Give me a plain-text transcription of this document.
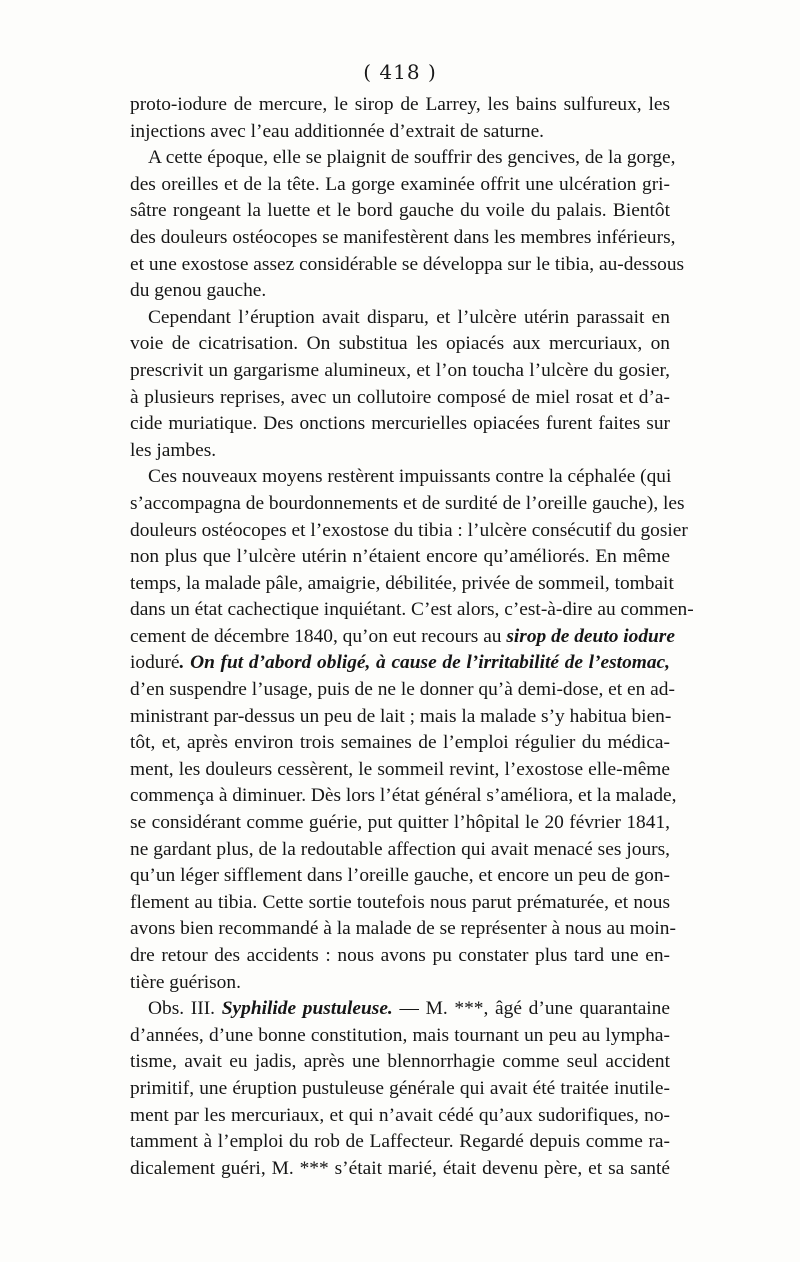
( 418 )
proto-iodure de mercure, le sirop de Larrey, les bains sulfureux, les
injections avec l’eau additionnée d’extrait de saturne.
A cette époque, elle se plaignit de souffrir des gencives, de la gorge,
des oreilles et de la tête. La gorge examinée offrit une ulcération gri-
sâtre rongeant la luette et le bord gauche du voile du palais. Bientôt
des douleurs ostéocopes se manifestèrent dans les membres inférieurs,
et une exostose assez considérable se développa sur le tibia, au-dessous
du genou gauche.
Cependant l’éruption avait disparu, et l’ulcère utérin parassait en
voie de cicatrisation. On substitua les opiacés aux mercuriaux, on
prescrivit un gargarisme alumineux, et l’on toucha l’ulcère du gosier,
à plusieurs reprises, avec un collutoire composé de miel rosat et d’a-
cide muriatique. Des onctions mercurielles opiacées furent faites sur
les jambes.
Ces nouveaux moyens restèrent impuissants contre la céphalée (qui
s’accompagna de bourdonnements et de surdité de l’oreille gauche), les
douleurs ostéocopes et l’exostose du tibia : l’ulcère consécutif du gosier
non plus que l’ulcère utérin n’étaient encore qu’améliorés. En même
temps, la malade pâle, amaigrie, débilitée, privée de sommeil, tombait
dans un état cachectique inquiétant. C’est alors, c’est-à-dire au commen-
cement de décembre 1840, qu’on eut recours au sirop de deuto iodure
ioduré. On fut d’abord obligé, à cause de l’irritabilité de l’estomac,
d’en suspendre l’usage, puis de ne le donner qu’à demi-dose, et en ad-
ministrant par-dessus un peu de lait ; mais la malade s’y habitua bien-
tôt, et, après environ trois semaines de l’emploi régulier du médica-
ment, les douleurs cessèrent, le sommeil revint, l’exostose elle-même
commença à diminuer. Dès lors l’état général s’améliora, et la malade,
se considérant comme guérie, put quitter l’hôpital le 20 février 1841,
ne gardant plus, de la redoutable affection qui avait menacé ses jours,
qu’un léger sifflement dans l’oreille gauche, et encore un peu de gon-
flement au tibia. Cette sortie toutefois nous parut prématurée, et nous
avons bien recommandé à la malade de se représenter à nous au moin-
dre retour des accidents : nous avons pu constater plus tard une en-
tière guérison.
Obs. III. Syphilide pustuleuse. — M. ***, âgé d’une quarantaine
d’années, d’une bonne constitution, mais tournant un peu au lympha-
tisme, avait eu jadis, après une blennorrhagie comme seul accident
primitif, une éruption pustuleuse générale qui avait été traitée inutile-
ment par les mercuriaux, et qui n’avait cédé qu’aux sudorifiques, no-
tamment à l’emploi du rob de Laffecteur. Regardé depuis comme ra-
dicalement guéri, M. *** s’était marié, était devenu père, et sa santé
